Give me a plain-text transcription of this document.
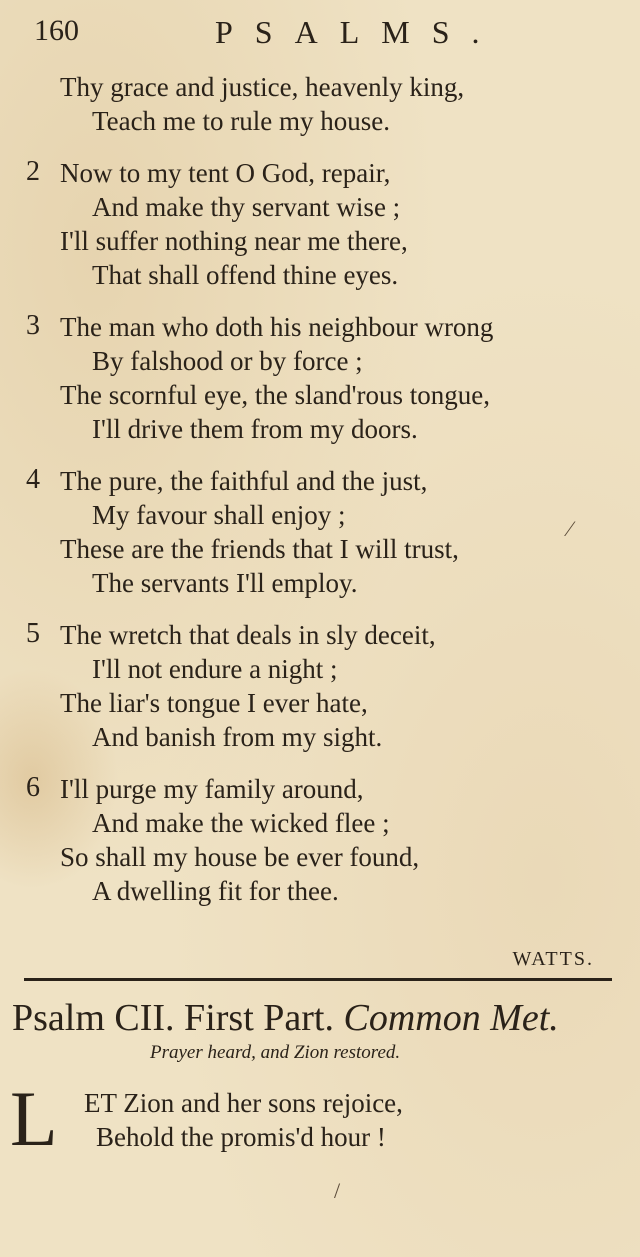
160	PSALMS.
Thy grace and justice, heavenly king,
Teach me to rule my house.
2 Now to my tent O God, repair,
And make thy servant wise ;
I'll suffer nothing near me there,
That shall offend thine eyes.
3 The man who doth his neighbour wrong
By falshood or by force ;
The scornful eye, the sland'rous tongue,
I'll drive them from my doors.
4 The pure, the faithful and the just,
My favour shall enjoy ;
These are the friends that I will trust,
The servants I'll employ.
5 The wretch that deals in sly deceit,
I'll not endure a night ;
The liar's tongue I ever hate,
And banish from my sight.
6 I'll purge my family around,
And make the wicked flee ;
So shall my house be ever found,
A dwelling fit for thee.
WATTS.
Psalm CII. First Part. Common Met.
Prayer heard, and Zion restored.
L ET Zion and her sons rejoice,
Behold the promis'd hour !
⁄
/
